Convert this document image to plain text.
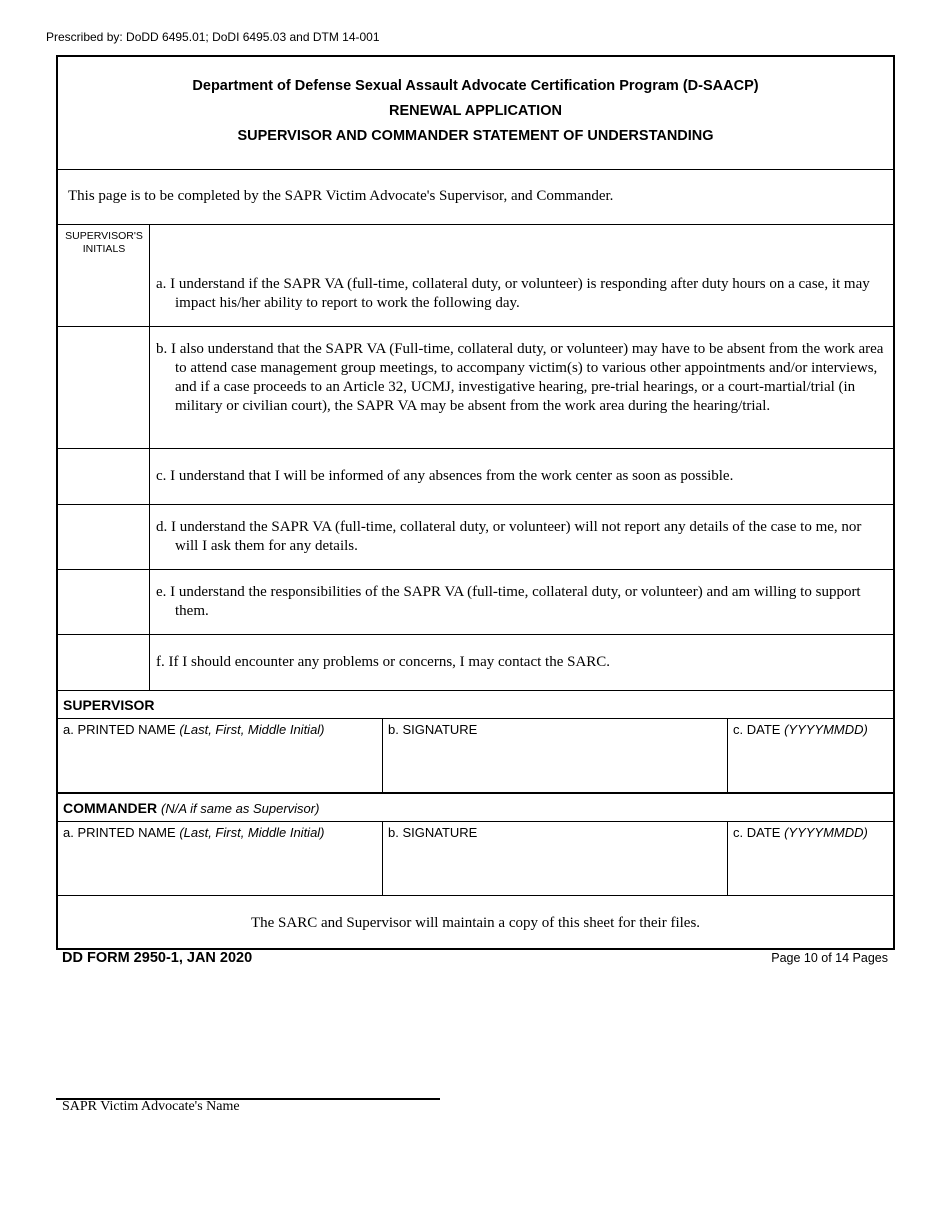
Prescribed by: DoDD 6495.01; DoDI 6495.03 and DTM 14-001
Department of Defense Sexual Assault Advocate Certification Program (D-SAACP)
RENEWAL APPLICATION
SUPERVISOR AND COMMANDER STATEMENT OF UNDERSTANDING
This page is to be completed by the SAPR Victim Advocate's Supervisor, and Commander.
SUPERVISOR'S INITIALS
a. I understand if the SAPR VA (full-time, collateral duty, or volunteer) is responding after duty hours on a case, it may impact his/her ability to report to work the following day.
b. I also understand that the SAPR VA (Full-time, collateral duty, or volunteer) may have to be absent from the work area to attend case management group meetings, to accompany victim(s) to various other appointments and/or interviews, and if a case proceeds to an Article 32, UCMJ, investigative hearing, pre-trial hearings, or a court-martial/trial (in military or civilian court), the SAPR VA may be absent from the work area during the hearing/trial.
c. I understand that I will be informed of any absences from the work center as soon as possible.
d. I understand the SAPR VA (full-time, collateral duty, or volunteer) will not report any details of the case to me, nor will I ask them for any details.
e. I understand the responsibilities of the SAPR VA (full-time, collateral duty, or volunteer) and am willing to support them.
f. If I should encounter any problems or concerns, I may contact the SARC.
SUPERVISOR
a. PRINTED NAME (Last, First, Middle Initial)	b. SIGNATURE	c. DATE (YYYYMMDD)
COMMANDER (N/A if same as Supervisor)
a. PRINTED NAME (Last, First, Middle Initial)	b. SIGNATURE	c. DATE (YYYYMMDD)
The SARC and Supervisor will maintain a copy of this sheet for their files.
DD FORM 2950-1, JAN 2020	Page 10 of 14 Pages
SAPR Victim Advocate's Name
